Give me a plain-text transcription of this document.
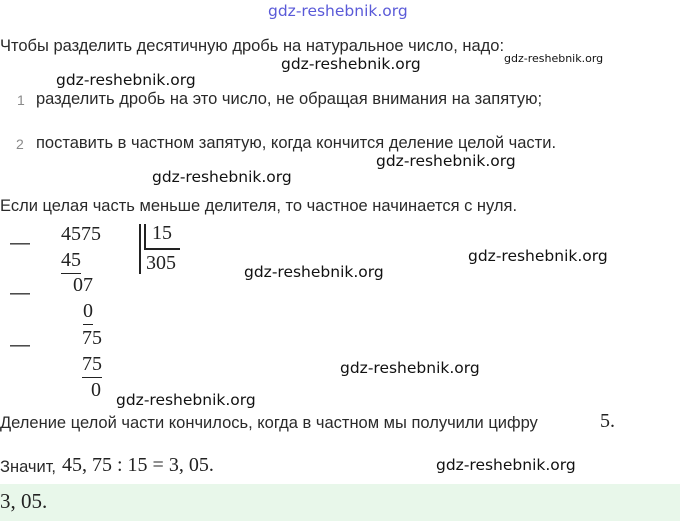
gdz-reshebnik.org
gdz-reshebnik.org	gdz-reshebnik.org
gdz-reshebnik.org
gdz-reshebnik.org
gdz-reshebnik.org
gdz-reshebnik.org
gdz-reshebnik.org
gdz-reshebnik.org
gdz-reshebnik.org
gdz-reshebnik.org
Чтобы разделить десятичную дробь на натуральное число, надо:
1 разделить дробь на это число, не обращая внимания на запятую;
2 поставить в частном запятую, когда кончится деление целой части.
Если целая часть меньше делителя, то частное начинается с нуля.
—
—
—
4575
45
07
0
75
75
0
15
305
Деление целой части кончилось, когда в частном мы получили цифру	5.
Значит, 45, 75 : 15 = 3, 05.
3, 05.
